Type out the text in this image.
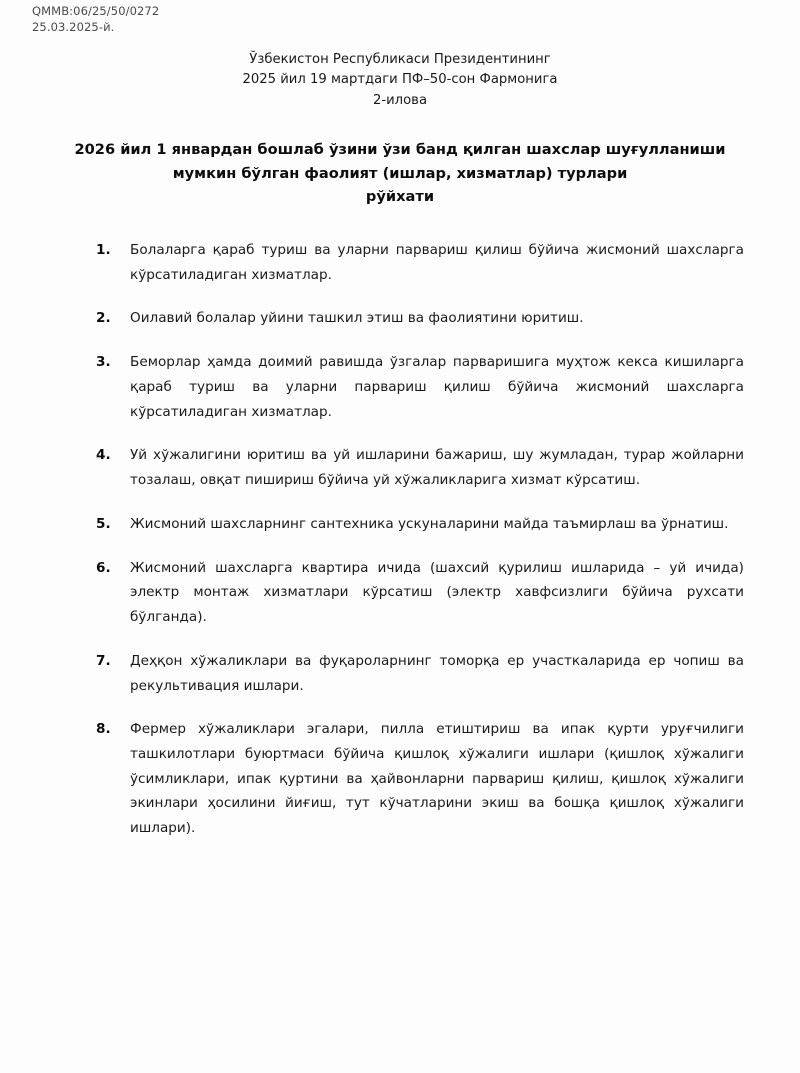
QMMB:06/25/50/0272
25.03.2025-й.
Ўзбекистон Республикаси Президентининг
2025 йил 19 мартдаги ПФ–50-сон Фармонига
2-илова
2026 йил 1 январдан бошлаб ўзини ўзи банд қилган шахслар шуғулланиши
мумкин бўлган фаолият (ишлар, хизматлар) турлари
рўйхати
1.	Болаларга қараб туриш ва уларни парвариш қилиш бўйича жисмоний шахсларга кўрсатиладиган хизматлар.
2.	Оилавий болалар уйини ташкил этиш ва фаолиятини юритиш.
3.	Беморлар ҳамда доимий равишда ўзгалар парваришига муҳтож кекса кишиларга қараб туриш ва уларни парвариш қилиш бўйича жисмоний шахсларга кўрсатиладиган хизматлар.
4.	Уй хўжалигини юритиш ва уй ишларини бажариш, шу жумладан, турар жойларни тозалаш, овқат пишириш бўйича уй хўжаликларига хизмат кўрсатиш.
5.	Жисмоний шахсларнинг сантехника ускуналарини майда таъмирлаш ва ўрнатиш.
6.	Жисмоний шахсларга квартира ичида (шахсий қурилиш ишларида – уй ичида) электр монтаж хизматлари кўрсатиш (электр хавфсизлиги бўйича рухсати бўлганда).
7.	Деҳқон хўжаликлари ва фуқароларнинг томорқа ер участкаларида ер чопиш ва рекультивация ишлари.
8.	Фермер хўжаликлари эгалари, пилла етиштириш ва ипак қурти уруғчилиги ташкилотлари буюртмаси бўйича қишлоқ хўжалиги ишлари (қишлоқ хўжалиги ўсимликлари, ипак қуртини ва ҳайвонларни парвариш қилиш, қишлоқ хўжалиги экинлари ҳосилини йиғиш, тут кўчатларини экиш ва бошқа қишлоқ хўжалиги ишлари).
